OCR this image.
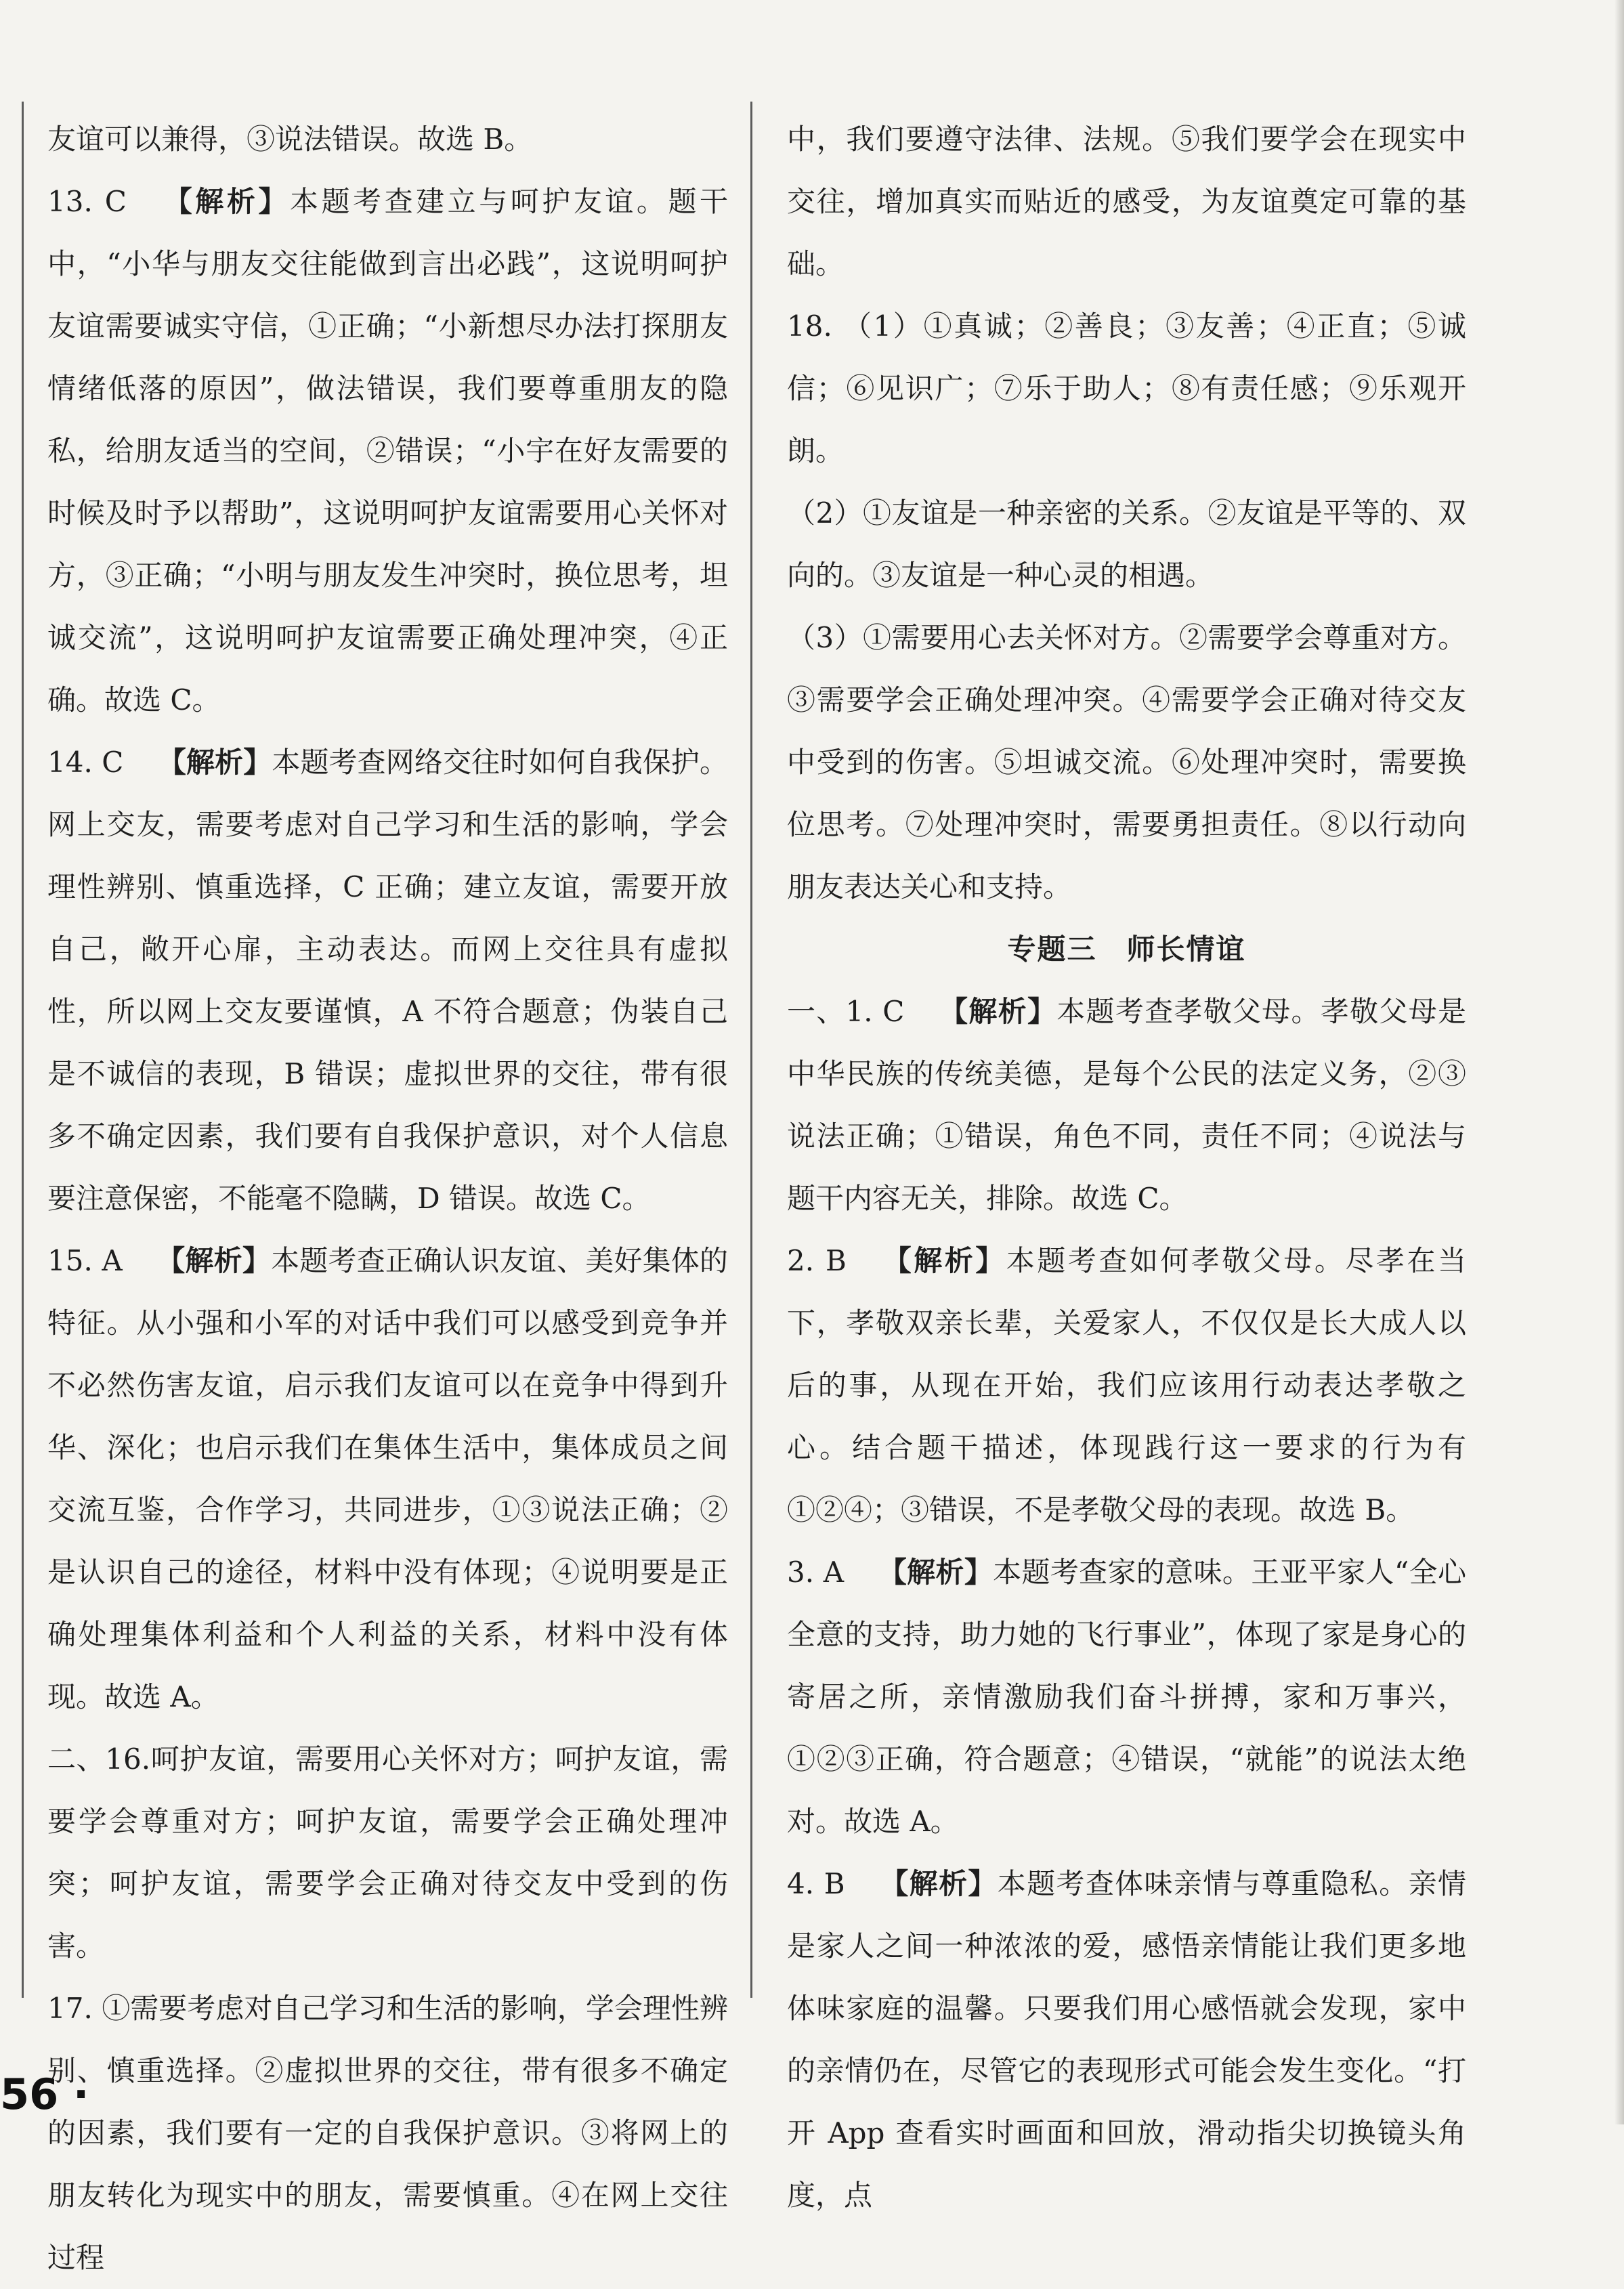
友谊可以兼得，③说法错误。故选 B。

13. C 【解析】本题考查建立与呵护友谊。题干中，“小华与朋友交往能做到言出必践”，这说明呵护友谊需要诚实守信，①正确；“小新想尽办法打探朋友情绪低落的原因”，做法错误，我们要尊重朋友的隐私，给朋友适当的空间，②错误；“小宇在好友需要的时候及时予以帮助”，这说明呵护友谊需要用心关怀对方，③正确；“小明与朋友发生冲突时，换位思考，坦诚交流”，这说明呵护友谊需要正确处理冲突，④正确。故选 C。

14. C 【解析】本题考查网络交往时如何自我保护。网上交友，需要考虑对自己学习和生活的影响，学会理性辨别、慎重选择，C 正确；建立友谊，需要开放自己，敞开心扉，主动表达。而网上交往具有虚拟性，所以网上交友要谨慎，A 不符合题意；伪装自己是不诚信的表现，B 错误；虚拟世界的交往，带有很多不确定因素，我们要有自我保护意识，对个人信息要注意保密，不能毫不隐瞒，D 错误。故选 C。

15. A 【解析】本题考查正确认识友谊、美好集体的特征。从小强和小军的对话中我们可以感受到竞争并不必然伤害友谊，启示我们友谊可以在竞争中得到升华、深化；也启示我们在集体生活中，集体成员之间交流互鉴，合作学习，共同进步，①③说法正确；②是认识自己的途径，材料中没有体现；④说明要是正确处理集体利益和个人利益的关系，材料中没有体现。故选 A。

二、16.呵护友谊，需要用心关怀对方；呵护友谊，需要学会尊重对方；呵护友谊，需要学会正确处理冲突；呵护友谊，需要学会正确对待交友中受到的伤害。

17. ①需要考虑对自己学习和生活的影响，学会理性辨别、慎重选择。②虚拟世界的交往，带有很多不确定的因素，我们要有一定的自我保护意识。③将网上的朋友转化为现实中的朋友，需要慎重。④在网上交往过程

中，我们要遵守法律、法规。⑤我们要学会在现实中交往，增加真实而贴近的感受，为友谊奠定可靠的基础。

18. （1）①真诚；②善良；③友善；④正直；⑤诚信；⑥见识广；⑦乐于助人；⑧有责任感；⑨乐观开朗。

（2）①友谊是一种亲密的关系。②友谊是平等的、双向的。③友谊是一种心灵的相遇。

（3）①需要用心去关怀对方。②需要学会尊重对方。③需要学会正确处理冲突。④需要学会正确对待交友中受到的伤害。⑤坦诚交流。⑥处理冲突时，需要换位思考。⑦处理冲突时，需要勇担责任。⑧以行动向朋友表达关心和支持。

专题三　师长情谊

一、1. C 【解析】本题考查孝敬父母。孝敬父母是中华民族的传统美德，是每个公民的法定义务，②③说法正确；①错误，角色不同，责任不同；④说法与题干内容无关，排除。故选 C。

2. B 【解析】本题考查如何孝敬父母。尽孝在当下，孝敬双亲长辈，关爱家人，不仅仅是长大成人以后的事，从现在开始，我们应该用行动表达孝敬之心。结合题干描述，体现践行这一要求的行为有①②④；③错误，不是孝敬父母的表现。故选 B。

3. A 【解析】本题考查家的意味。王亚平家人“全心全意的支持，助力她的飞行事业”，体现了家是身心的寄居之所，亲情激励我们奋斗拼搏，家和万事兴，①②③正确，符合题意；④错误，“就能”的说法太绝对。故选 A。

4. B 【解析】本题考查体味亲情与尊重隐私。亲情是家人之间一种浓浓的爱，感悟亲情能让我们更多地体味家庭的温馨。只要我们用心感悟就会发现，家中的亲情仍在，尽管它的表现形式可能会发生变化。“打开 App 查看实时画面和回放，滑动指尖切换镜头角度，点

56 ·
